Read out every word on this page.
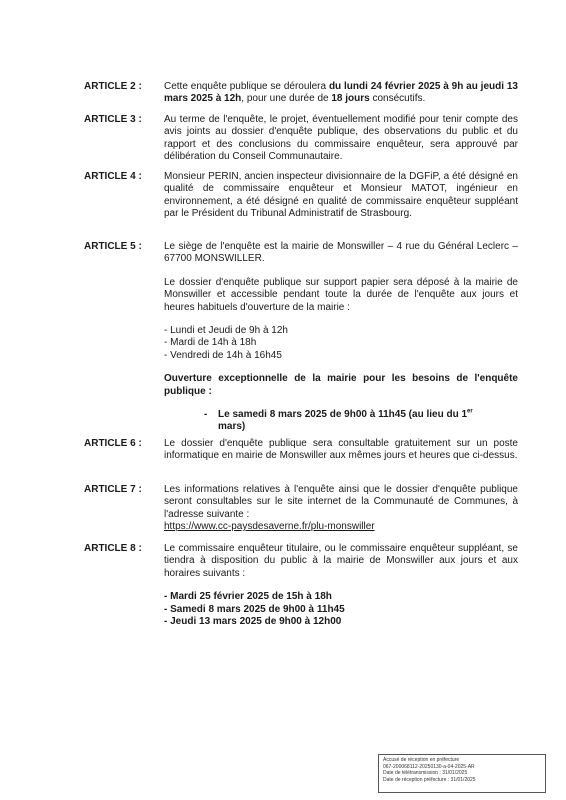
ARTICLE 2 :	Cette enquête publique se déroulera du lundi 24 février 2025 à 9h au jeudi 13 mars 2025 à 12h, pour une durée de 18 jours consécutifs.

ARTICLE 3 :	Au terme de l'enquête, le projet, éventuellement modifié pour tenir compte des avis joints au dossier d'enquête publique, des observations du public et du rapport et des conclusions du commissaire enquêteur, sera approuvé par délibération du Conseil Communautaire.

ARTICLE 4 :	Monsieur PERIN, ancien inspecteur divisionnaire de la DGFiP, a été désigné en qualité de commissaire enquêteur et Monsieur MATOT, ingénieur en environnement, a été désigné en qualité de commissaire enquêteur suppléant par le Président du Tribunal Administratif de Strasbourg.

ARTICLE 5 :	Le siège de l'enquête est la mairie de Monswiller – 4 rue du Général Leclerc – 67700 MONSWILLER.

Le dossier d'enquête publique sur support papier sera déposé à la mairie de Monswiller et accessible pendant toute la durée de l'enquête aux jours et heures habituels d'ouverture de la mairie :

- Lundi et Jeudi de 9h à 12h
- Mardi de 14h à 18h
- Vendredi de 14h à 16h45

Ouverture exceptionnelle de la mairie pour les besoins de l'enquête publique :

-	Le samedi 8 mars 2025 de 9h00 à 11h45 (au lieu du 1er
mars)
ARTICLE 6 :	Le dossier d'enquête publique sera consultable gratuitement sur un poste informatique en mairie de Monswiller aux mêmes jours et heures que ci-dessus.

ARTICLE 7 :	Les informations relatives à l'enquête ainsi que le dossier d'enquête publique seront consultables sur le site internet de la Communauté de Communes, à l'adresse suivante :

https://www.cc-paysdesaverne.fr/plu-monswiller

ARTICLE 8 :	Le commissaire enquêteur titulaire, ou le commissaire enquêteur suppléant, se tiendra à disposition du public à la mairie de Monswiller aux jours et aux horaires suivants :

- Mardi 25 février 2025 de 15h à 18h
- Samedi 8 mars 2025 de 9h00 à 11h45
- Jeudi 13 mars 2025 de 9h00 à 12h00
Accusé de réception en préfecture
067-200068112-20250130-a-04-2025-AR
Date de télétransmission : 31/01/2025
Date de réception préfecture : 31/01/2025
